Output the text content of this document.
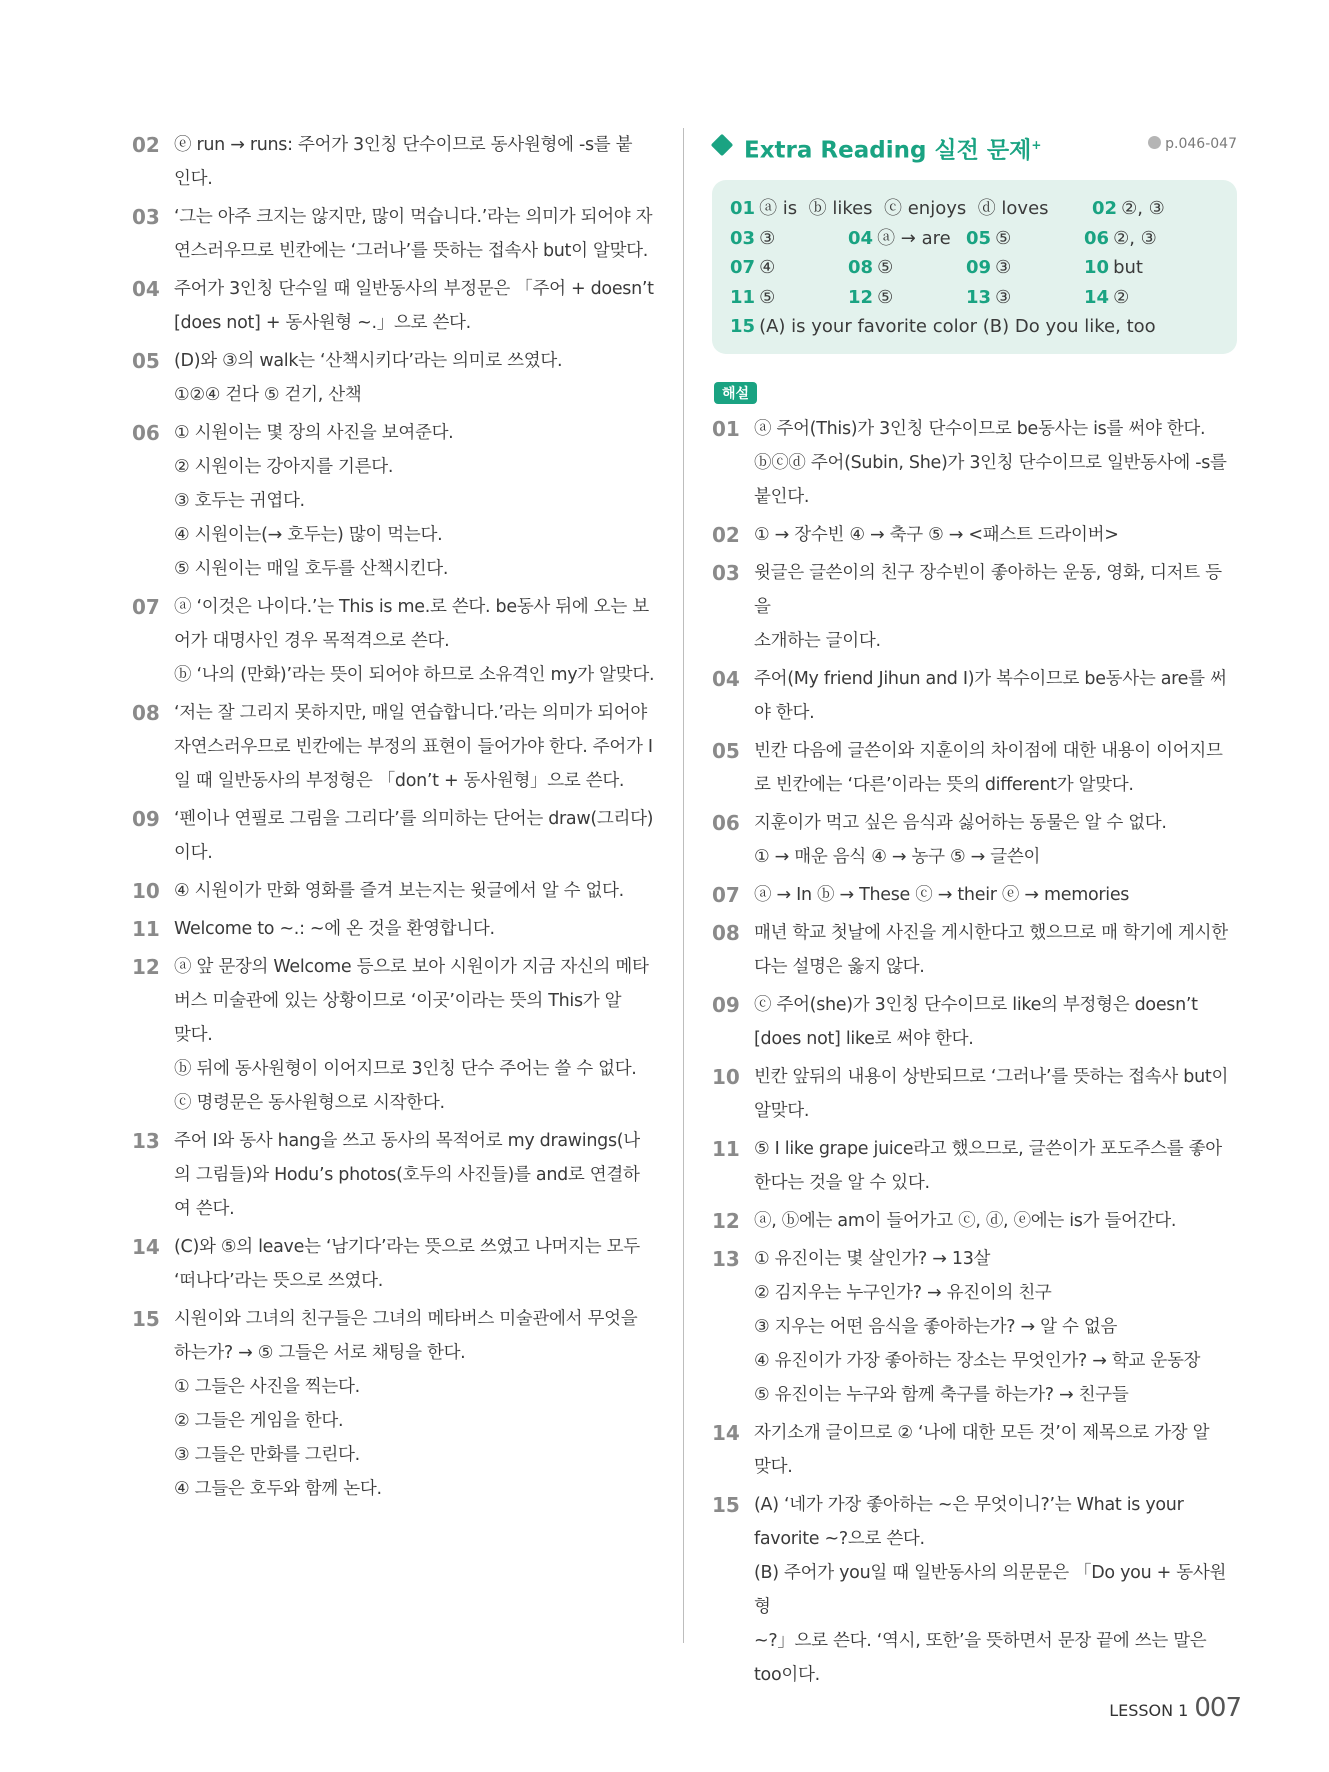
02 ⓔ run → runs: 주어가 3인칭 단수이므로 동사원형에 -s를 붙
인다.
03 ‘그는 아주 크지는 않지만, 많이 먹습니다.’라는 의미가 되어야 자
연스러우므로 빈칸에는 ‘그러나’를 뜻하는 접속사 but이 알맞다.
04 주어가 3인칭 단수일 때 일반동사의 부정문은 「주어 + doesn’t
[does not] + 동사원형 ~.」으로 쓴다.
05 (D)와 ③의 walk는 ‘산책시키다’라는 의미로 쓰였다.
①②④ 걷다 ⑤ 걷기, 산책
06 ① 시원이는 몇 장의 사진을 보여준다.
② 시원이는 강아지를 기른다.
③ 호두는 귀엽다.
④ 시원이는(→ 호두는) 많이 먹는다.
⑤ 시원이는 매일 호두를 산책시킨다.
07 ⓐ ‘이것은 나이다.’는 This is me.로 쓴다. be동사 뒤에 오는 보
어가 대명사인 경우 목적격으로 쓴다.
ⓑ ‘나의 (만화)’라는 뜻이 되어야 하므로 소유격인 my가 알맞다.
08 ‘저는 잘 그리지 못하지만, 매일 연습합니다.’라는 의미가 되어야
자연스러우므로 빈칸에는 부정의 표현이 들어가야 한다. 주어가 I
일 때 일반동사의 부정형은 「don’t + 동사원형」으로 쓴다.
09 ‘펜이나 연필로 그림을 그리다’를 의미하는 단어는 draw(그리다)
이다.
10 ④ 시원이가 만화 영화를 즐겨 보는지는 윗글에서 알 수 없다.
11 Welcome to ~.: ~에 온 것을 환영합니다.
12 ⓐ 앞 문장의 Welcome 등으로 보아 시원이가 지금 자신의 메타
버스 미술관에 있는 상황이므로 ‘이곳’이라는 뜻의 This가 알
맞다.
ⓑ 뒤에 동사원형이 이어지므로 3인칭 단수 주어는 쓸 수 없다.
ⓒ 명령문은 동사원형으로 시작한다.
13 주어 I와 동사 hang을 쓰고 동사의 목적어로 my drawings(나
의 그림들)와 Hodu’s photos(호두의 사진들)를 and로 연결하
여 쓴다.
14 (C)와 ⑤의 leave는 ‘남기다’라는 뜻으로 쓰였고 나머지는 모두
‘떠나다’라는 뜻으로 쓰였다.
15 시원이와 그녀의 친구들은 그녀의 메타버스 미술관에서 무엇을
하는가? → ⑤ 그들은 서로 채팅을 한다.
① 그들은 사진을 찍는다.
② 그들은 게임을 한다.
③ 그들은 만화를 그린다.
④ 그들은 호두와 함께 논다.
Extra Reading 실전 문제+	p.046-047
01 ⓐ is  ⓑ likes  ⓒ enjoys  ⓓ loves	02 ②, ③
03 ③	04 ⓐ → are 05 ⑤	06 ②, ③
07 ④	08 ⑤	09 ③	10 but
11 ⑤	12 ⑤	13 ③	14 ②
15 (A) is your favorite color (B) Do you like, too
해설
01 ⓐ 주어(This)가 3인칭 단수이므로 be동사는 is를 써야 한다.
ⓑⓒⓓ 주어(Subin, She)가 3인칭 단수이므로 일반동사에 -s를
붙인다.
02 ① → 장수빈 ④ → 축구 ⑤ → <패스트 드라이버>
03 윗글은 글쓴이의 친구 장수빈이 좋아하는 운동, 영화, 디저트 등을
소개하는 글이다.
04 주어(My friend Jihun and I)가 복수이므로 be동사는 are를 써
야 한다.
05 빈칸 다음에 글쓴이와 지훈이의 차이점에 대한 내용이 이어지므
로 빈칸에는 ‘다른’이라는 뜻의 different가 알맞다.
06 지훈이가 먹고 싶은 음식과 싫어하는 동물은 알 수 없다.
① → 매운 음식 ④ → 농구 ⑤ → 글쓴이
07 ⓐ → In ⓑ → These ⓒ → their ⓔ → memories
08 매년 학교 첫날에 사진을 게시한다고 했으므로 매 학기에 게시한
다는 설명은 옳지 않다.
09 ⓒ 주어(she)가 3인칭 단수이므로 like의 부정형은 doesn’t
[does not] like로 써야 한다.
10 빈칸 앞뒤의 내용이 상반되므로 ‘그러나’를 뜻하는 접속사 but이
알맞다.
11 ⑤ I like grape juice라고 했으므로, 글쓴이가 포도주스를 좋아
한다는 것을 알 수 있다.
12 ⓐ, ⓑ에는 am이 들어가고 ⓒ, ⓓ, ⓔ에는 is가 들어간다.
13 ① 유진이는 몇 살인가? → 13살
② 김지우는 누구인가? → 유진이의 친구
③ 지우는 어떤 음식을 좋아하는가? → 알 수 없음
④ 유진이가 가장 좋아하는 장소는 무엇인가? → 학교 운동장
⑤ 유진이는 누구와 함께 축구를 하는가? → 친구들
14 자기소개 글이므로 ② ‘나에 대한 모든 것’이 제목으로 가장 알
맞다.
15 (A) ‘네가 가장 좋아하는 ~은 무엇이니?’는 What is your
favorite ~?으로 쓴다.
(B) 주어가 you일 때 일반동사의 의문문은 「Do you + 동사원형
~?」으로 쓴다. ‘역시, 또한’을 뜻하면서 문장 끝에 쓰는 말은
too이다.
LESSON 1 007
